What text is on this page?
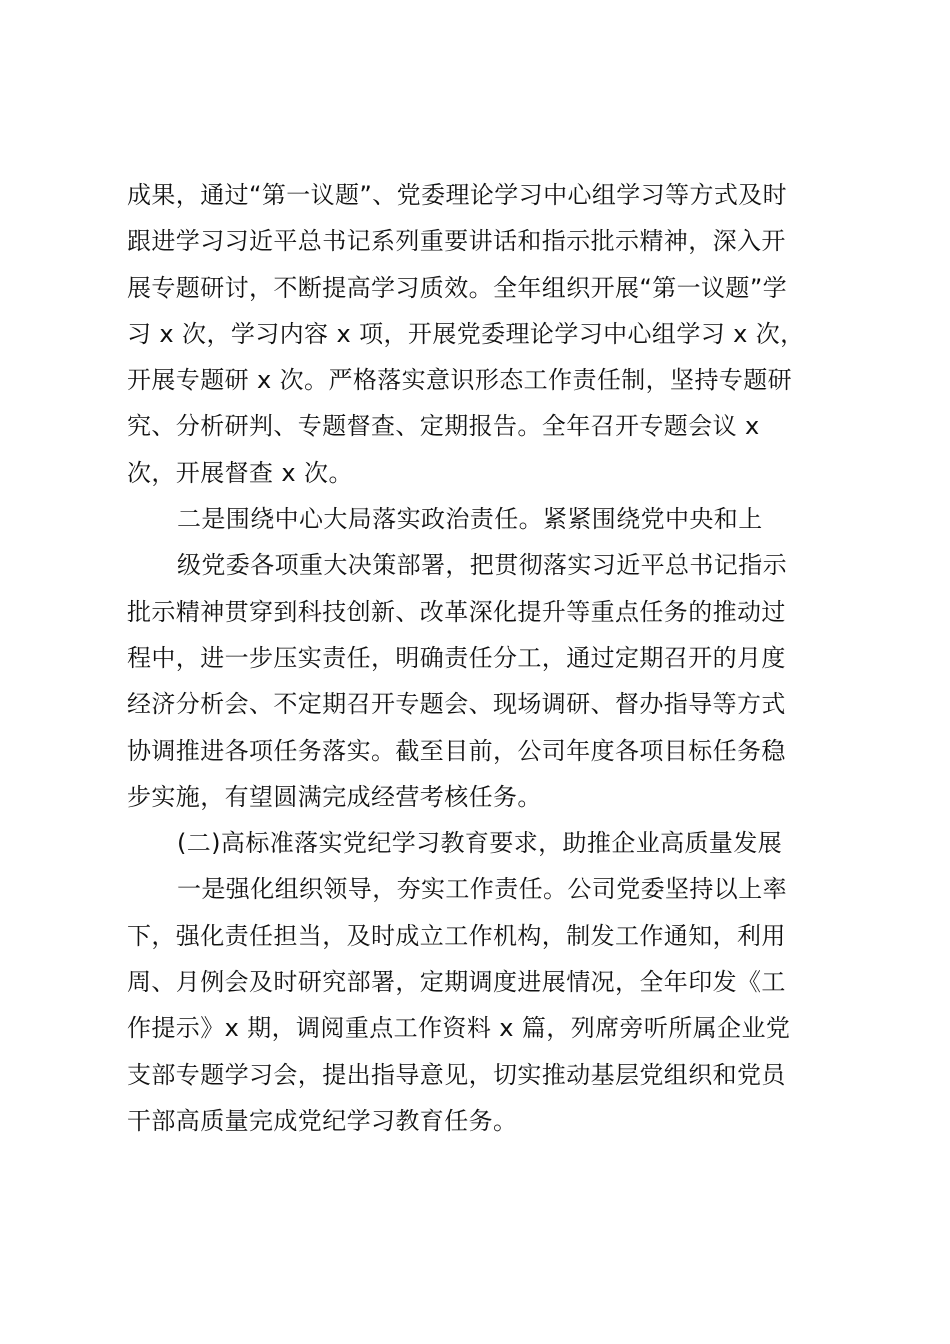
成果，通过“第一议题”、党委理论学习中心组学习等方式及时
跟进学习习近平总书记系列重要讲话和指示批示精神，深入开
展专题研讨，不断提高学习质效。全年组织开展“第一议题”学
习 x 次，学习内容 x 项，开展党委理论学习中心组学习 x 次，
开展专题研 x 次。严格落实意识形态工作责任制，坚持专题研
究、分析研判、专题督查、定期报告。全年召开专题会议 x
次，开展督查 x 次。
二是围绕中心大局落实政治责任。紧紧围绕党中央和上
级党委各项重大决策部署，把贯彻落实习近平总书记指示
批示精神贯穿到科技创新、改革深化提升等重点任务的推动过
程中，进一步压实责任，明确责任分工，通过定期召开的月度
经济分析会、不定期召开专题会、现场调研、督办指导等方式
协调推进各项任务落实。截至目前，公司年度各项目标任务稳
步实施，有望圆满完成经营考核任务。
(二)高标准落实党纪学习教育要求，助推企业高质量发展
一是强化组织领导，夯实工作责任。公司党委坚持以上率
下，强化责任担当，及时成立工作机构，制发工作通知，利用
周、月例会及时研究部署，定期调度进展情况，全年印发《工
作提示》x 期，调阅重点工作资料 x 篇，列席旁听所属企业党
支部专题学习会，提出指导意见，切实推动基层党组织和党员
干部高质量完成党纪学习教育任务。
